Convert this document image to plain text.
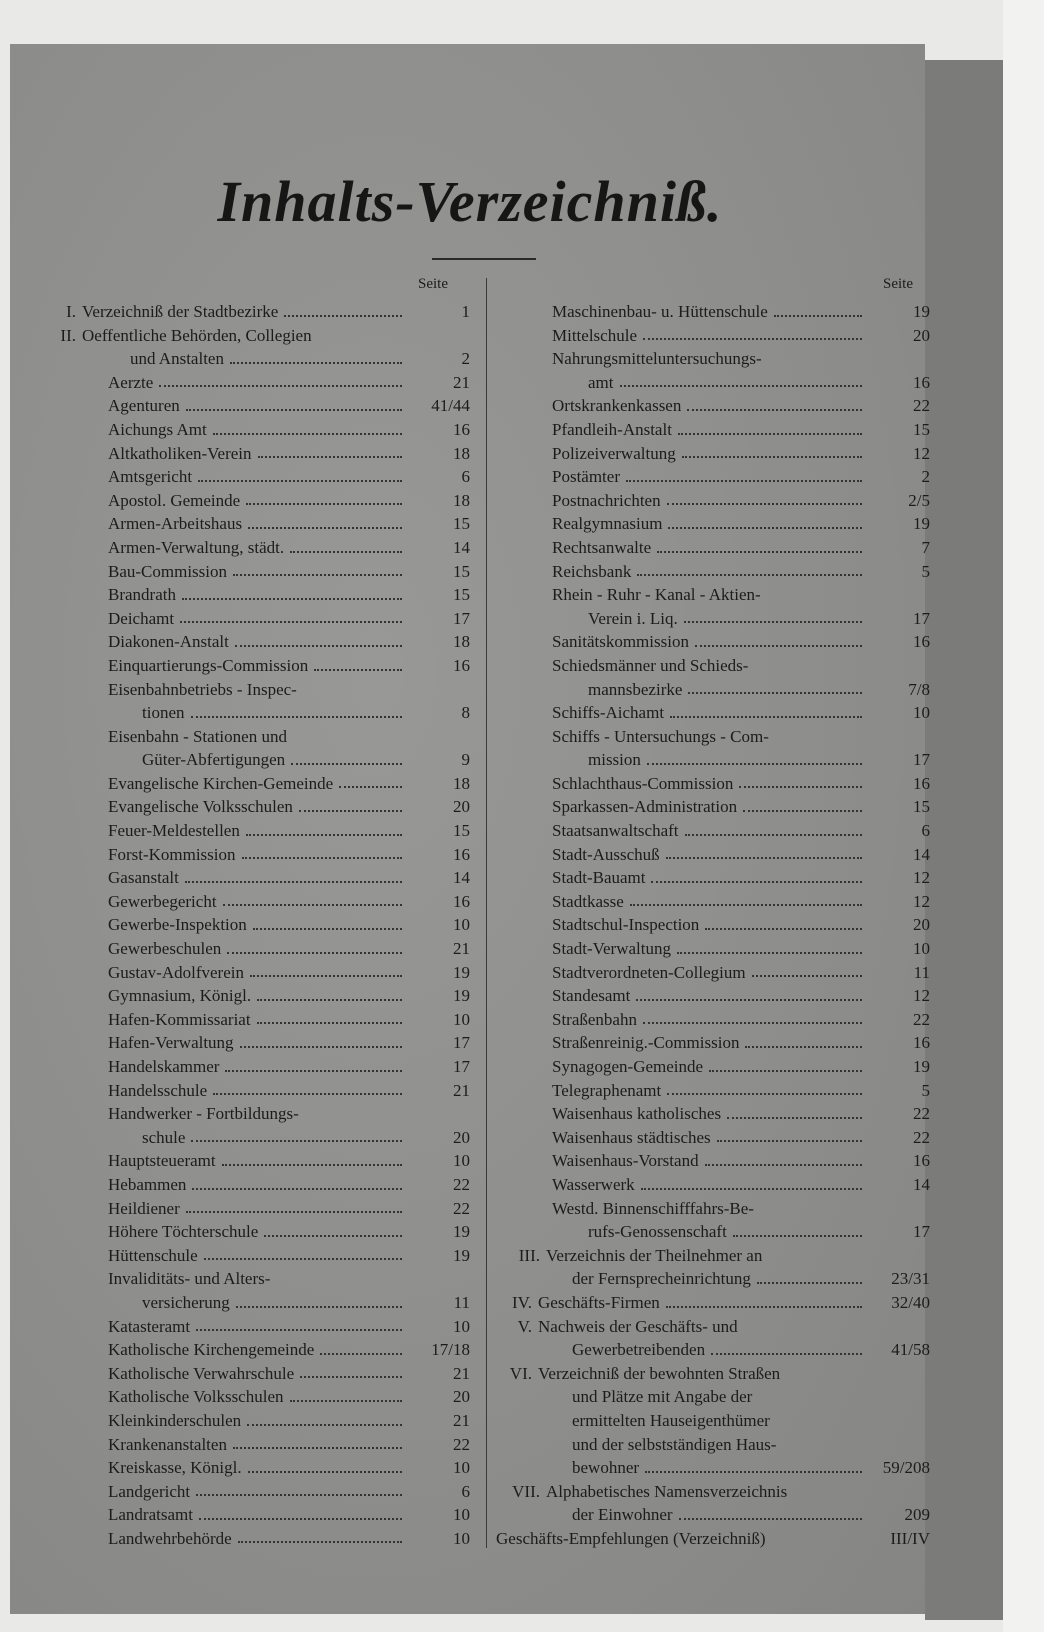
Inhalts-Verzeichniß.
Seite	Seite
I. Verzeichniß der Stadtbezirke	1
II. Oeffentliche Behörden, Collegien
und Anstalten	2
Aerzte	21
Agenturen	41/44
Aichungs Amt	16
Altkatholiken-Verein	18
Amtsgericht	6
Apostol. Gemeinde	18
Armen-Arbeitshaus	15
Armen-Verwaltung, städt.	14
Bau-Commission	15
Brandrath	15
Deichamt	17
Diakonen-Anstalt	18
Einquartierungs-Commission	16
Eisenbahnbetriebs - Inspec-
tionen	8
Eisenbahn - Stationen und
Güter-Abfertigungen	9
Evangelische Kirchen-Gemeinde	18
Evangelische Volksschulen	20
Feuer-Meldestellen	15
Forst-Kommission	16
Gasanstalt	14
Gewerbegericht	16
Gewerbe-Inspektion	10
Gewerbeschulen	21
Gustav-Adolfverein	19
Gymnasium, Königl.	19
Hafen-Kommissariat	10
Hafen-Verwaltung	17
Handelskammer	17
Handelsschule	21
Handwerker - Fortbildungs-
schule	20
Hauptsteueramt	10
Hebammen	22
Heildiener	22
Höhere Töchterschule	19
Hüttenschule	19
Invaliditäts- und Alters-
versicherung	11
Katasteramt	10
Katholische Kirchengemeinde	17/18
Katholische Verwahrschule	21
Katholische Volksschulen	20
Kleinkinderschulen	21
Krankenanstalten	22
Kreiskasse, Königl.	10
Landgericht	6
Landratsamt	10
Landwehrbehörde	10
Maschinenbau- u. Hüttenschule	19
Mittelschule	20
Nahrungsmitteluntersuchungs-
amt	16
Ortskrankenkassen	22
Pfandleih-Anstalt	15
Polizeiverwaltung	12
Postämter	2
Postnachrichten	2/5
Realgymnasium	19
Rechtsanwalte	7
Reichsbank	5
Rhein - Ruhr - Kanal - Aktien-
Verein i. Liq.	17
Sanitätskommission	16
Schiedsmänner und Schieds-
mannsbezirke	7/8
Schiffs-Aichamt	10
Schiffs - Untersuchungs - Com-
mission	17
Schlachthaus-Commission	16
Sparkassen-Administration	15
Staatsanwaltschaft	6
Stadt-Ausschuß	14
Stadt-Bauamt	12
Stadtkasse	12
Stadtschul-Inspection	20
Stadt-Verwaltung	10
Stadtverordneten-Collegium	11
Standesamt	12
Straßenbahn	22
Straßenreinig.-Commission	16
Synagogen-Gemeinde	19
Telegraphenamt	5
Waisenhaus katholisches	22
Waisenhaus städtisches	22
Waisenhaus-Vorstand	16
Wasserwerk	14
Westd. Binnenschifffahrs-Be-
rufs-Genossenschaft	17
III. Verzeichnis der Theilnehmer an
der Fernsprecheinrichtung	23/31
IV. Geschäfts-Firmen	32/40
V. Nachweis der Geschäfts- und
Gewerbetreibenden	41/58
VI. Verzeichniß der bewohnten Straßen
und Plätze mit Angabe der
ermittelten Hauseigenthümer
und der selbstständigen Haus-
bewohner	59/208
VII. Alphabetisches Namensverzeichnis
der Einwohner	209
Geschäfts-Empfehlungen (Verzeichniß)	III/IV
